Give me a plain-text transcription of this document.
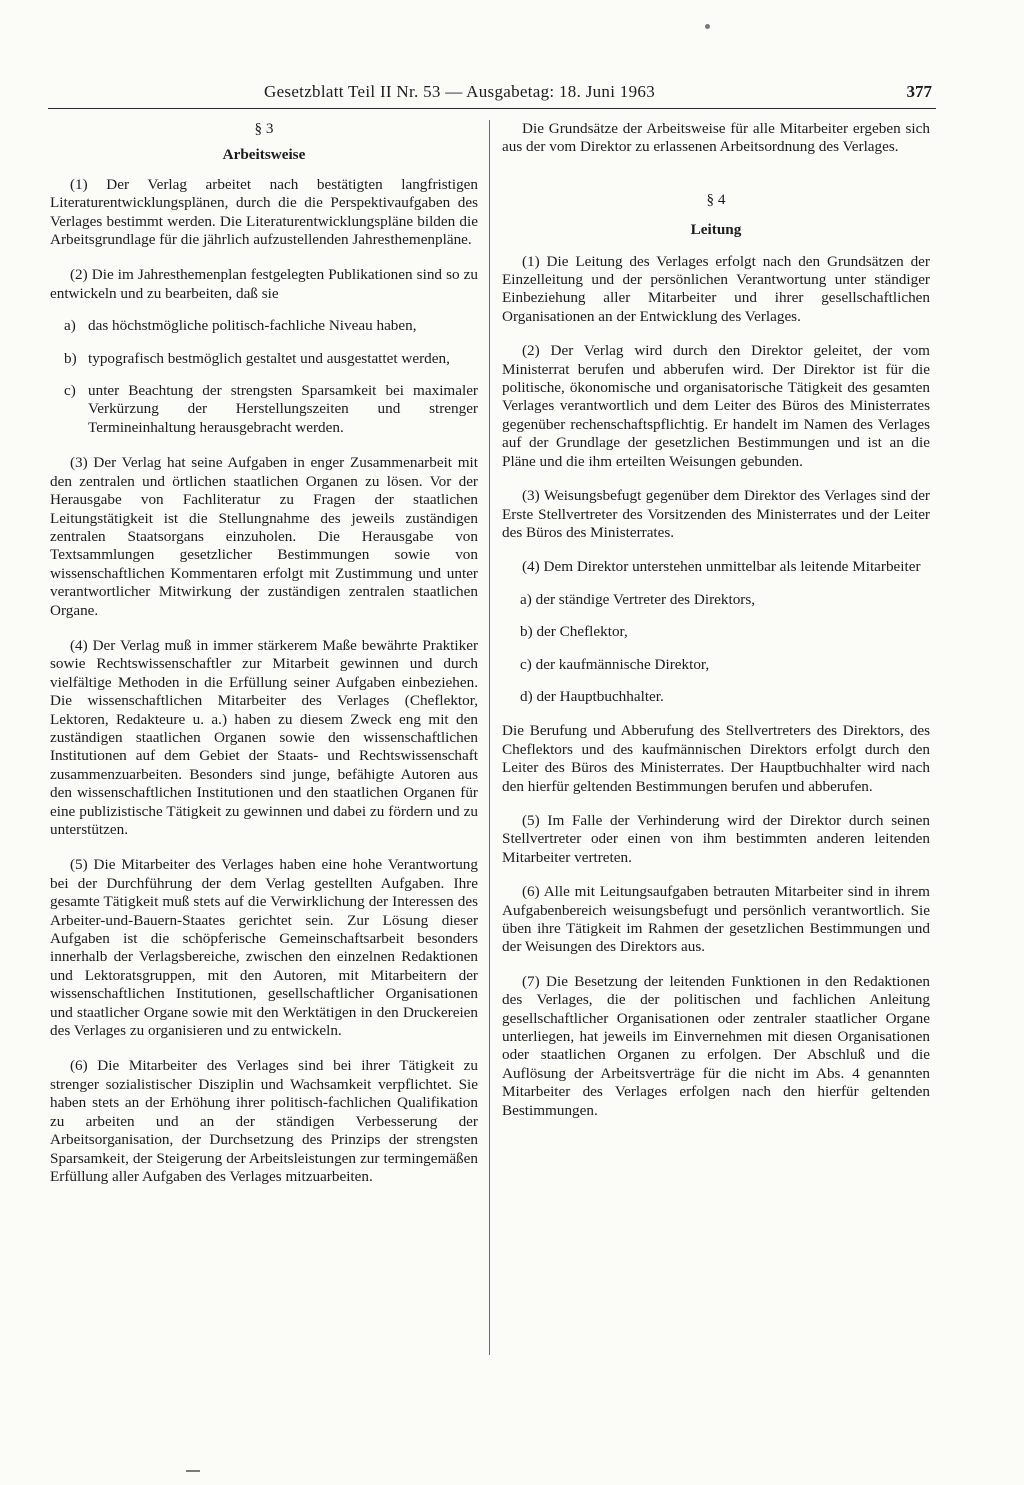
Gesetzblatt Teil II Nr. 53 — Ausgabetag: 18. Juni 1963	377

§ 3

Arbeitsweise

(1) Der Verlag arbeitet nach bestätigten langfristigen Literaturentwicklungsplänen, durch die die Perspektivaufgaben des Verlages bestimmt werden. Die Literaturentwicklungspläne bilden die Arbeitsgrundlage für die jährlich aufzustellenden Jahresthemenpläne.

(2) Die im Jahresthemenplan festgelegten Publikationen sind so zu entwickeln und zu bearbeiten, daß sie

a) das höchstmögliche politisch-fachliche Niveau haben,
b) typografisch bestmöglich gestaltet und ausgestattet werden,
c) unter Beachtung der strengsten Sparsamkeit bei maximaler Verkürzung der Herstellungszeiten und strenger Termineinhaltung herausgebracht werden.

(3) Der Verlag hat seine Aufgaben in enger Zusammenarbeit mit den zentralen und örtlichen staatlichen Organen zu lösen. Vor der Herausgabe von Fachliteratur zu Fragen der staatlichen Leitungstätigkeit ist die Stellungnahme des jeweils zuständigen zentralen Staatsorgans einzuholen. Die Herausgabe von Textsammlungen gesetzlicher Bestimmungen sowie von wissenschaftlichen Kommentaren erfolgt mit Zustimmung und unter verantwortlicher Mitwirkung der zuständigen zentralen staatlichen Organe.

(4) Der Verlag muß in immer stärkerem Maße bewährte Praktiker sowie Rechtswissenschaftler zur Mitarbeit gewinnen und durch vielfältige Methoden in die Erfüllung seiner Aufgaben einbeziehen. Die wissenschaftlichen Mitarbeiter des Verlages (Cheflektor, Lektoren, Redakteure u. a.) haben zu diesem Zweck eng mit den zuständigen staatlichen Organen sowie den wissenschaftlichen Institutionen auf dem Gebiet der Staats- und Rechtswissenschaft zusammenzuarbeiten. Besonders sind junge, befähigte Autoren aus den wissenschaftlichen Institutionen und den staatlichen Organen für eine publizistische Tätigkeit zu gewinnen und dabei zu fördern und zu unterstützen.

(5) Die Mitarbeiter des Verlages haben eine hohe Verantwortung bei der Durchführung der dem Verlag gestellten Aufgaben. Ihre gesamte Tätigkeit muß stets auf die Verwirklichung der Interessen des Arbeiter-und-Bauern-Staates gerichtet sein. Zur Lösung dieser Aufgaben ist die schöpferische Gemeinschaftsarbeit besonders innerhalb der Verlagsbereiche, zwischen den einzelnen Redaktionen und Lektoratsgruppen, mit den Autoren, mit Mitarbeitern der wissenschaftlichen Institutionen, gesellschaftlicher Organisationen und staatlicher Organe sowie mit den Werktätigen in den Druckereien des Verlages zu organisieren und zu entwickeln.

(6) Die Mitarbeiter des Verlages sind bei ihrer Tätigkeit zu strenger sozialistischer Disziplin und Wachsamkeit verpflichtet. Sie haben stets an der Erhöhung ihrer politisch-fachlichen Qualifikation zu arbeiten und an der ständigen Verbesserung der Arbeitsorganisation, der Durchsetzung des Prinzips der strengsten Sparsamkeit, der Steigerung der Arbeitsleistungen zur termingemäßen Erfüllung aller Aufgaben des Verlages mitzuarbeiten.

Die Grundsätze der Arbeitsweise für alle Mitarbeiter ergeben sich aus der vom Direktor zu erlassenen Arbeitsordnung des Verlages.

§ 4

Leitung

(1) Die Leitung des Verlages erfolgt nach den Grundsätzen der Einzelleitung und der persönlichen Verantwortung unter ständiger Einbeziehung aller Mitarbeiter und ihrer gesellschaftlichen Organisationen an der Entwicklung des Verlages.

(2) Der Verlag wird durch den Direktor geleitet, der vom Ministerrat berufen und abberufen wird. Der Direktor ist für die politische, ökonomische und organisatorische Tätigkeit des gesamten Verlages verantwortlich und dem Leiter des Büros des Ministerrates gegenüber rechenschaftspflichtig. Er handelt im Namen des Verlages auf der Grundlage der gesetzlichen Bestimmungen und ist an die Pläne und die ihm erteilten Weisungen gebunden.

(3) Weisungsbefugt gegenüber dem Direktor des Verlages sind der Erste Stellvertreter des Vorsitzenden des Ministerrates und der Leiter des Büros des Ministerrates.

(4) Dem Direktor unterstehen unmittelbar als leitende Mitarbeiter

a) der ständige Vertreter des Direktors,
b) der Cheflektor,
c) der kaufmännische Direktor,
d) der Hauptbuchhalter.

Die Berufung und Abberufung des Stellvertreters des Direktors, des Cheflektors und des kaufmännischen Direktors erfolgt durch den Leiter des Büros des Ministerrates. Der Hauptbuchhalter wird nach den hierfür geltenden Bestimmungen berufen und abberufen.

(5) Im Falle der Verhinderung wird der Direktor durch seinen Stellvertreter oder einen von ihm bestimmten anderen leitenden Mitarbeiter vertreten.

(6) Alle mit Leitungsaufgaben betrauten Mitarbeiter sind in ihrem Aufgabenbereich weisungsbefugt und persönlich verantwortlich. Sie üben ihre Tätigkeit im Rahmen der gesetzlichen Bestimmungen und der Weisungen des Direktors aus.

(7) Die Besetzung der leitenden Funktionen in den Redaktionen des Verlages, die der politischen und fachlichen Anleitung gesellschaftlicher Organisationen oder zentraler staatlicher Organe unterliegen, hat jeweils im Einvernehmen mit diesen Organisationen oder staatlichen Organen zu erfolgen. Der Abschluß und die Auflösung der Arbeitsverträge für die nicht im Abs. 4 genannten Mitarbeiter des Verlages erfolgen nach den hierfür geltenden Bestimmungen.
